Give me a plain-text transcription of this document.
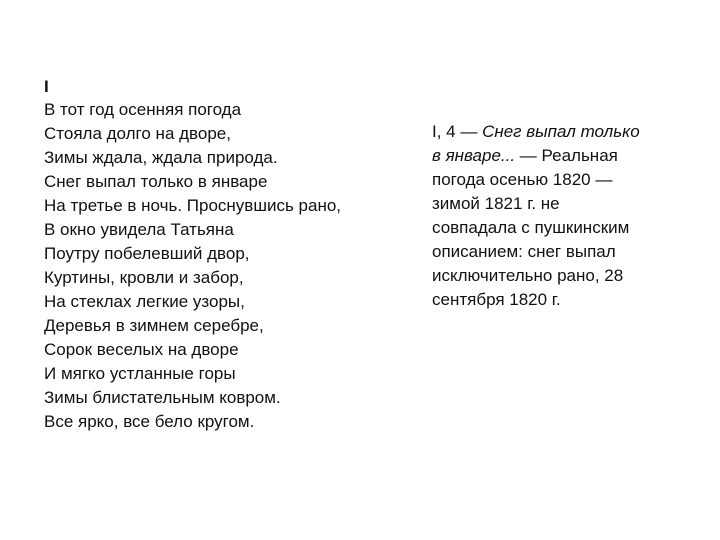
I
В тот год осенняя погода
Стояла долго на дворе,
Зимы ждала, ждала природа.
Снег выпал только в январе
На третье в ночь. Проснувшись рано,
В окно увидела Татьяна
Поутру побелевший двор,
Куртины, кровли и забор,
На стеклах легкие узоры,
Деревья в зимнем серебре,
Сорок веселых на дворе
И мягко устланные горы
Зимы блистательным ковром.
Все ярко, все бело кругом.
I, 4 — Снег выпал только
в январе... — Реальная
погода осенью 1820 —
зимой 1821 г. не
совпадала с пушкинским
описанием: снег выпал
исключительно рано, 28
сентября 1820 г.
